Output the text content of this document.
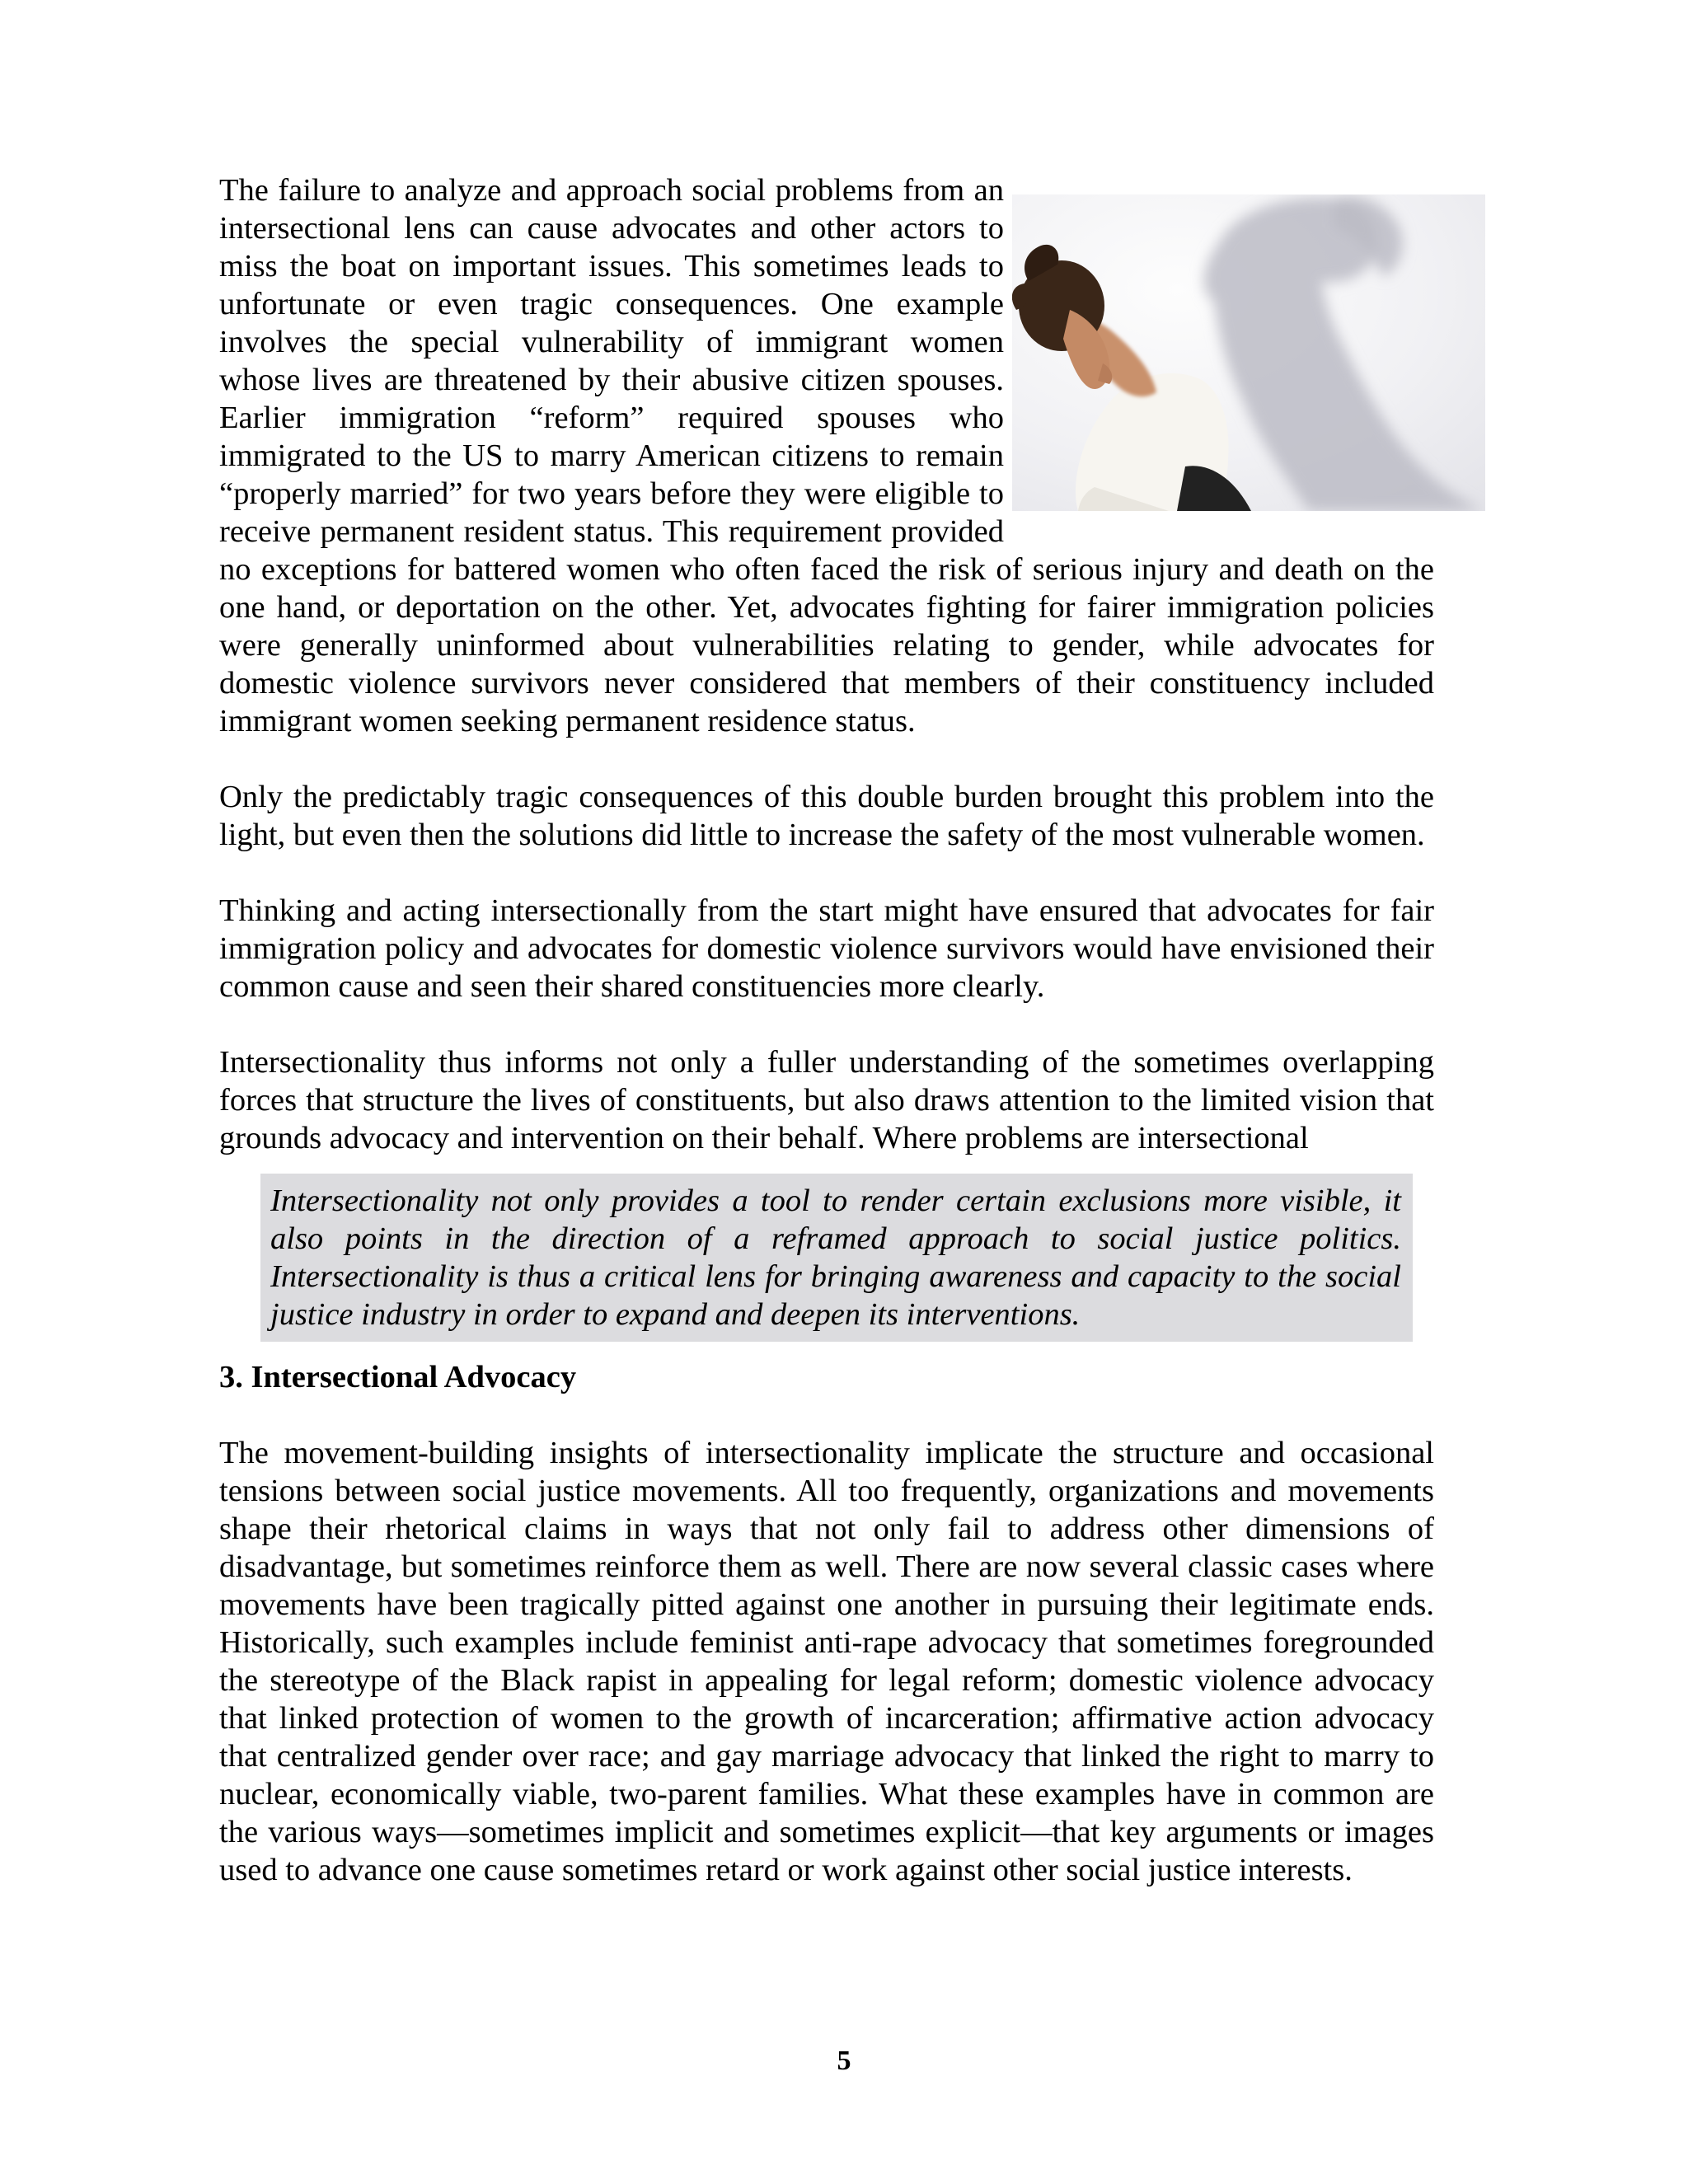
The failure to analyze and approach social problems from an intersectional lens can cause advocates and other actors to miss the boat on important issues. This sometimes leads to unfortunate or even tragic consequences. One example involves the special vulnerability of immigrant women whose lives are threatened by their abusive citizen spouses. Earlier immigration “reform” required spouses who immigrated to the US to marry American citizens to remain “properly married” for two years before they were eligible to receive permanent resident status. This requirement provided no exceptions for battered women who often faced the risk of serious injury and death on the one hand, or deportation on the other. Yet, advocates fighting for fairer immigration policies were generally uninformed about vulnerabilities relating to gender, while advocates for domestic violence survivors never considered that members of their constituency included immigrant women seeking permanent residence status.

Only the predictably tragic consequences of this double burden brought this problem into the light, but even then the solutions did little to increase the safety of the most vulnerable women.

Thinking and acting intersectionally from the start might have ensured that advocates for fair immigration policy and advocates for domestic violence survivors would have envisioned their common cause and seen their shared constituencies more clearly.

Intersectionality thus informs not only a fuller understanding of the sometimes overlapping forces that structure the lives of constituents, but also draws attention to the limited vision that grounds advocacy and intervention on their behalf. Where problems are intersectional

Intersectionality not only provides a tool to render certain exclusions more visible, it also points in the direction of a reframed approach to social justice politics. Intersectionality is thus a critical lens for bringing awareness and capacity to the social justice industry in order to expand and deepen its interventions.
3. Intersectional Advocacy

The movement-building insights of intersectionality implicate the structure and occasional tensions between social justice movements. All too frequently, organizations and movements shape their rhetorical claims in ways that not only fail to address other dimensions of disadvantage, but sometimes reinforce them as well. There are now several classic cases where movements have been tragically pitted against one another in pursuing their legitimate ends. Historically, such examples include feminist anti-rape advocacy that sometimes foregrounded the stereotype of the Black rapist in appealing for legal reform; domestic violence advocacy that linked protection of women to the growth of incarceration; affirmative action advocacy that centralized gender over race; and gay marriage advocacy that linked the right to marry to nuclear, economically viable, two-parent families. What these examples have in common are the various ways—sometimes implicit and sometimes explicit—that key arguments or images used to advance one cause sometimes retard or work against other social justice interests.

5
